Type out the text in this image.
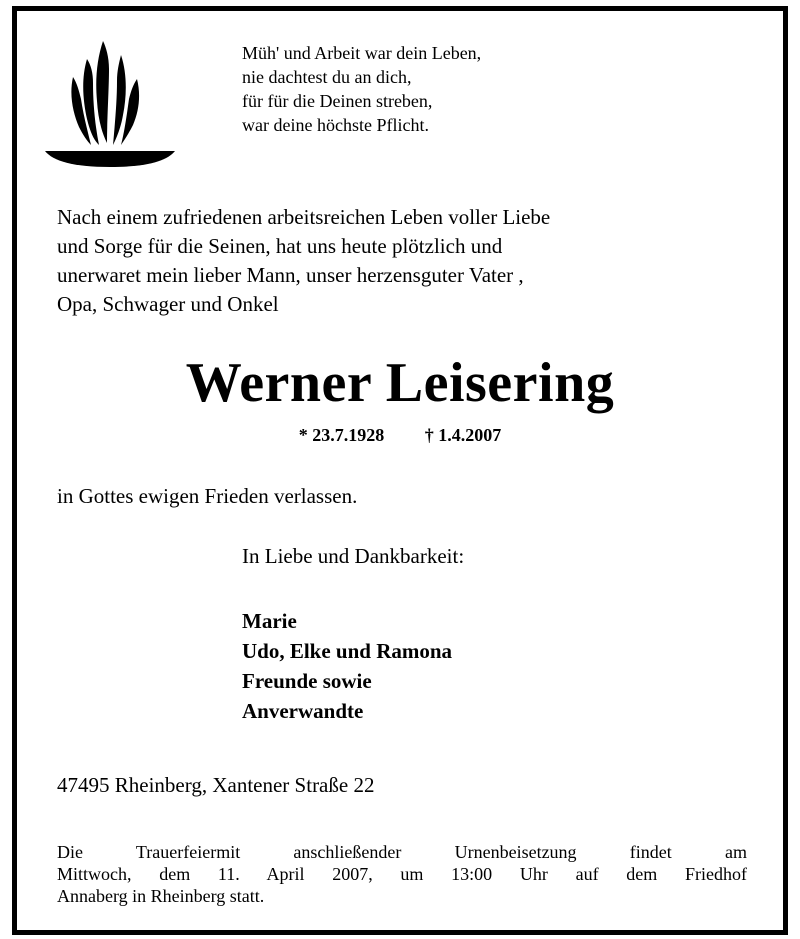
Müh' und Arbeit war dein Leben,
nie dachtest du an dich,
für für die Deinen streben,
war deine höchste Pflicht.
Nach einem zufriedenen arbeitsreichen Leben voller Liebe
und Sorge für die Seinen, hat uns heute plötzlich und
unerwaret mein lieber Mann, unser herzensguter Vater ,
Opa, Schwager und Onkel
Werner Leisering
* 23.7.1928 † 1.4.2007
in Gottes ewigen Frieden verlassen.
In Liebe und Dankbarkeit:
Marie
Udo, Elke und Ramona
Freunde sowie
Anverwandte
47495 Rheinberg, Xantener Straße 22
Die Trauerfeiermit anschließender Urnenbeisetzung findet am
Mittwoch, dem 11. April 2007, um 13:00 Uhr auf dem Friedhof
Annaberg in Rheinberg statt.
